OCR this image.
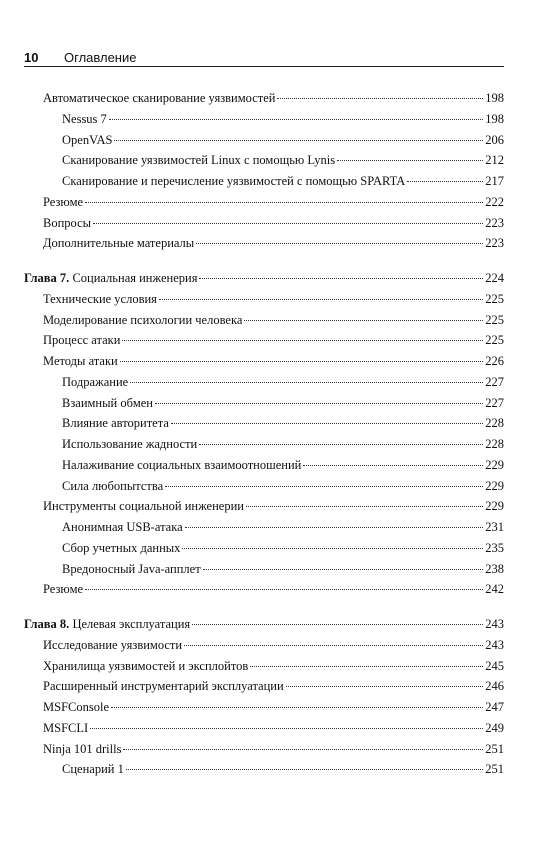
10 Оглавление
Автоматическое сканирование уязвимостей	198
Nessus 7	198
OpenVAS	206
Сканирование уязвимостей Linux с помощью Lynis	212
Сканирование и перечисление уязвимостей с помощью SPARTA	217
Резюме	222
Вопросы	223
Дополнительные материалы	223
Глава 7. Социальная инженерия	224
Технические условия	225
Моделирование психологии человека	225
Процесс атаки	225
Методы атаки	226
Подражание	227
Взаимный обмен	227
Влияние авторитета	228
Использование жадности	228
Налаживание социальных взаимоотношений	229
Сила любопытства	229
Инструменты социальной инженерии	229
Анонимная USB-атака	231
Сбор учетных данных	235
Вредоносный Java-апплет	238
Резюме	242
Глава 8. Целевая эксплуатация	243
Исследование уязвимости	243
Хранилища уязвимостей и эксплойтов	245
Расширенный инструментарий эксплуатации	246
MSFConsole	247
MSFCLI	249
Ninja 101 drills	251
Сценарий 1	251
